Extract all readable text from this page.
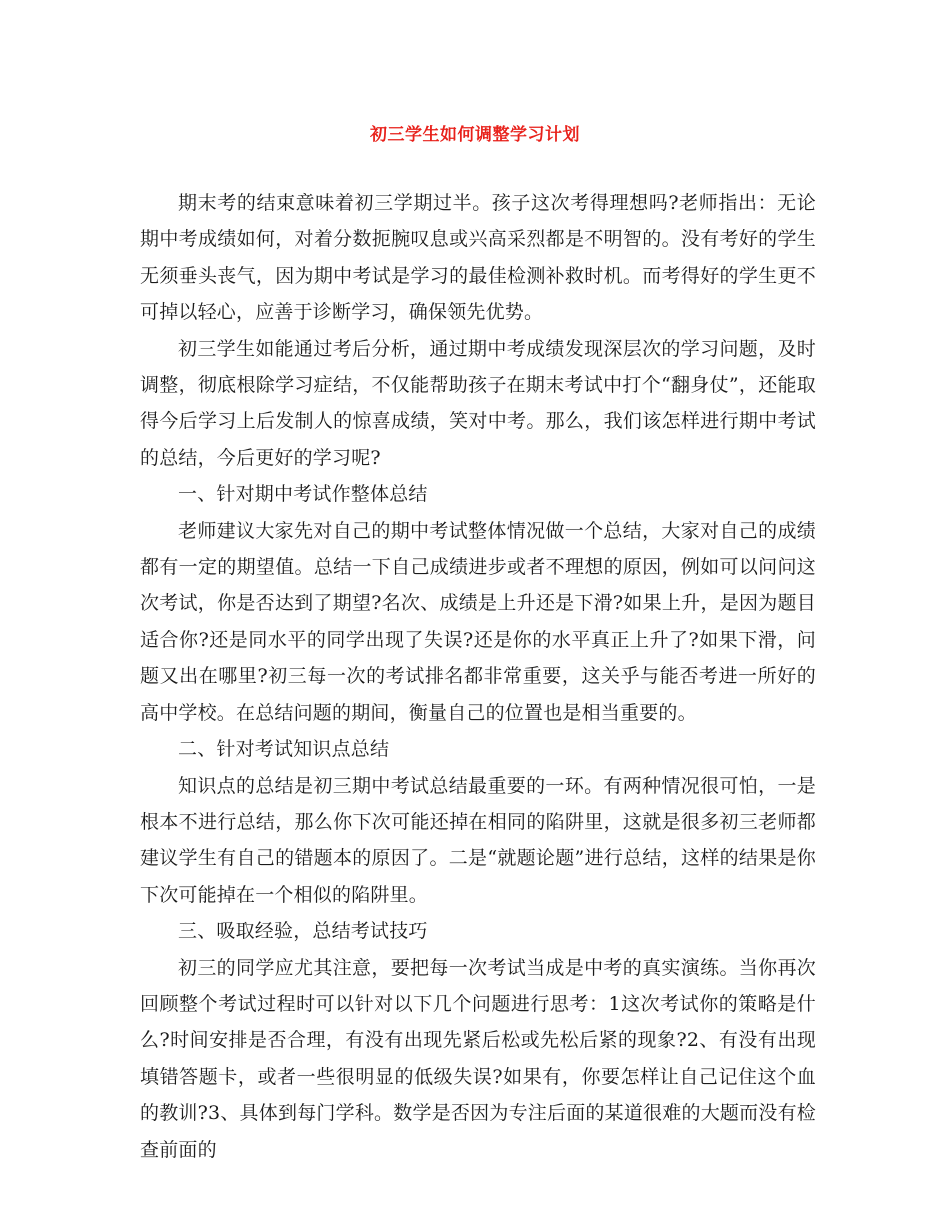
初三学生如何调整学习计划

期末考的结束意味着初三学期过半。孩子这次考得理想吗?老师指出：无论期中考成绩如何，对着分数扼腕叹息或兴高采烈都是不明智的。没有考好的学生无须垂头丧气，因为期中考试是学习的最佳检测补救时机。而考得好的学生更不可掉以轻心，应善于诊断学习，确保领先优势。

初三学生如能通过考后分析，通过期中考成绩发现深层次的学习问题，及时调整，彻底根除学习症结，不仅能帮助孩子在期末考试中打个“翻身仗”，还能取得今后学习上后发制人的惊喜成绩，笑对中考。那么，我们该怎样进行期中考试的总结，今后更好的学习呢?

一、针对期中考试作整体总结

老师建议大家先对自己的期中考试整体情况做一个总结，大家对自己的成绩都有一定的期望值。总结一下自己成绩进步或者不理想的原因，例如可以问问这次考试，你是否达到了期望?名次、成绩是上升还是下滑?如果上升，是因为题目适合你?还是同水平的同学出现了失误?还是你的水平真正上升了?如果下滑，问题又出在哪里?初三每一次的考试排名都非常重要，这关乎与能否考进一所好的高中学校。在总结问题的期间，衡量自己的位置也是相当重要的。

二、针对考试知识点总结

知识点的总结是初三期中考试总结最重要的一环。有两种情况很可怕，一是根本不进行总结，那么你下次可能还掉在相同的陷阱里，这就是很多初三老师都建议学生有自己的错题本的原因了。二是“就题论题”进行总结，这样的结果是你下次可能掉在一个相似的陷阱里。

三、吸取经验，总结考试技巧

初三的同学应尤其注意，要把每一次考试当成是中考的真实演练。当你再次回顾整个考试过程时可以针对以下几个问题进行思考：1这次考试你的策略是什么?时间安排是否合理，有没有出现先紧后松或先松后紧的现象?2、有没有出现填错答题卡，或者一些很明显的低级失误?如果有，你要怎样让自己记住这个血的教训?3、具体到每门学科。数学是否因为专注后面的某道很难的大题而没有检查前面的
